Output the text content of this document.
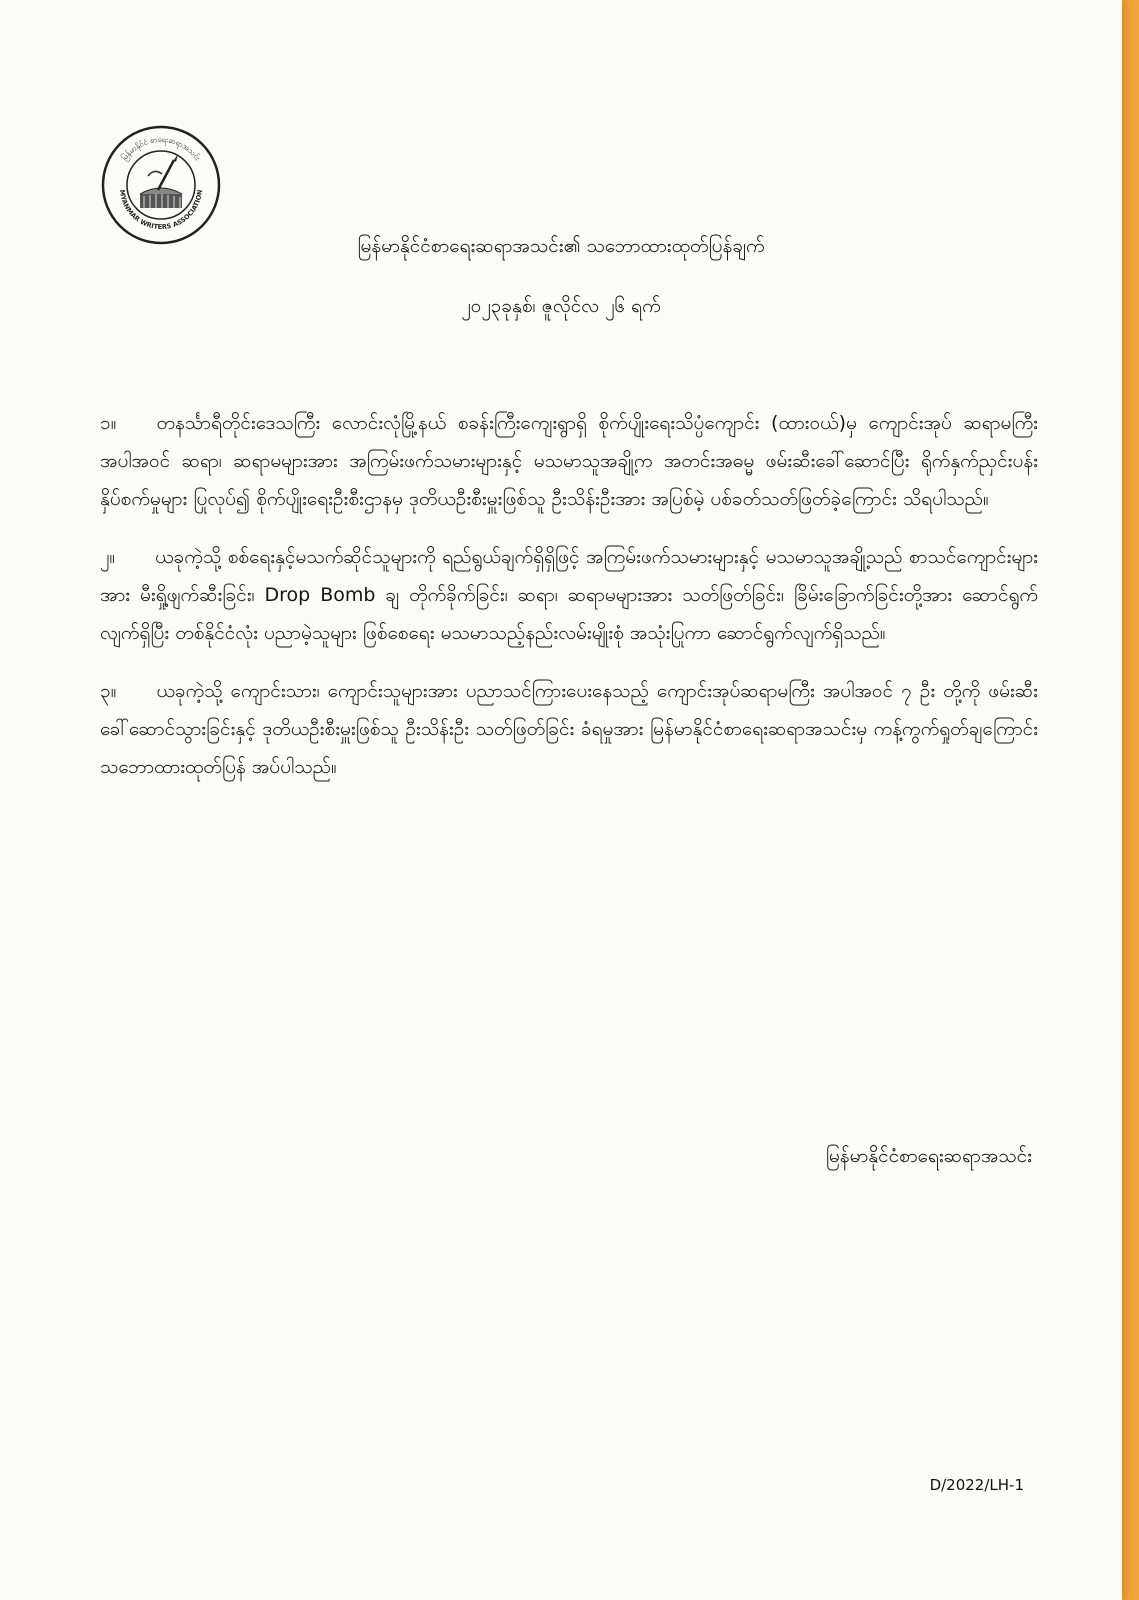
မြန်မာနိုင်ငံ စာရေးဆရာအသင်း
MYANMAR WRITERS ASSOCIATION
မြန်မာနိုင်ငံစာရေးဆရာအသင်း၏ သဘောထားထုတ်ပြန်ချက်
၂၀၂၃ခုနှစ်၊ ဇူလိုင်လ ၂၆ ရက်

၁။ တနင်္သာရီတိုင်းဒေသကြီး လောင်းလုံမြို့နယ် စခန်းကြီးကျေးရွာရှိ စိုက်ပျိုးရေးသိပ္ပံကျောင်း (ထား၀ယ်)မှ ကျောင်းအုပ် ဆရာမကြီး အပါအဝင် ဆရာ၊ ဆရာမများအား အကြမ်းဖက်သမားများနှင့် မသမာသူအချို့က အတင်းအဓမ္မ ဖမ်းဆီးခေါ်ဆောင်ပြီး ရိုက်နှက်ညှင်းပန်းနှိပ်စက်မှုများ ပြုလုပ်၍ စိုက်ပျိုးရေးဦးစီးဌာနမှ ဒုတိယဦးစီးမှူးဖြစ်သူ ဦးသိန်းဦးအား အပြစ်မဲ့ ပစ်ခတ်သတ်ဖြတ်ခဲ့ကြောင်း သိရပါသည်။

၂။ ယခုကဲ့သို့ စစ်ရေးနှင့်မသက်ဆိုင်သူများကို ရည်ရွယ်ချက်ရှိရှိဖြင့် အကြမ်းဖက်သမားများနှင့် မသမာသူအချို့သည် စာသင်ကျောင်းများအား မီးရှို့ဖျက်ဆီးခြင်း၊ Drop Bomb ချ တိုက်ခိုက်ခြင်း၊ ဆရာ၊ ဆရာမများအား သတ်ဖြတ်ခြင်း၊ ခြိမ်းခြောက်ခြင်းတို့အား ဆောင်ရွက်လျက်ရှိပြီး တစ်နိုင်ငံလုံး ပညာမဲ့သူများ ဖြစ်စေရေး မသမာသည့်နည်းလမ်းမျိုးစုံ အသုံးပြုကာ ဆောင်ရွက်လျက်ရှိသည်။

၃။ ယခုကဲ့သို့ ကျောင်းသား၊ ကျောင်းသူများအား ပညာသင်ကြားပေးနေသည့် ကျောင်းအုပ်ဆရာမကြီး အပါအဝင် ၇ ဦး တို့ကို ဖမ်းဆီးခေါ်ဆောင်သွားခြင်းနှင့် ဒုတိယဦးစီးမှူးဖြစ်သူ ဦးသိန်းဦး သတ်ဖြတ်ခြင်း ခံရမှုအား မြန်မာနိုင်ငံစာရေးဆရာအသင်းမှ ကန့်ကွက်ရှုတ်ချကြောင်း သဘောထားထုတ်ပြန် အပ်ပါသည်။

မြန်မာနိုင်ငံစာရေးဆရာအသင်း
D/2022/LH-1
